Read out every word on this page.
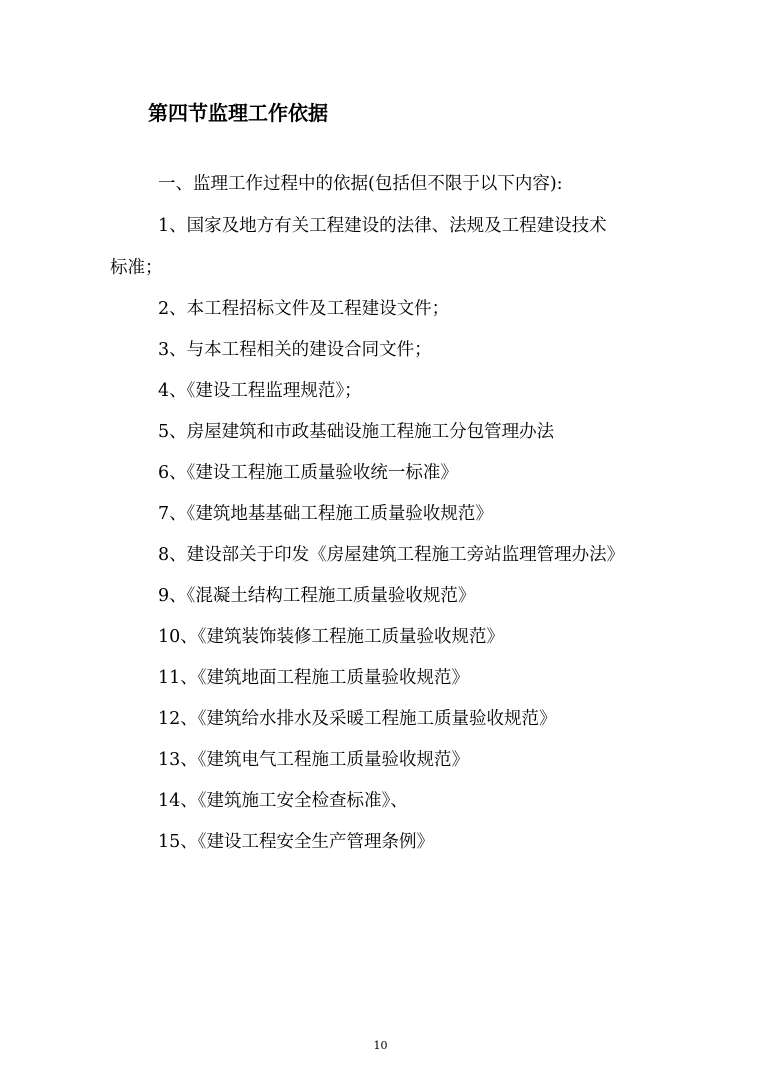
第四节监理工作依据

一、监理工作过程中的依据(包括但不限于以下内容):

1、国家及地方有关工程建设的法律、法规及工程建设技术

标准；

2、本工程招标文件及工程建设文件；

3、与本工程相关的建设合同文件；

4、《建设工程监理规范》；

5、房屋建筑和市政基础设施工程施工分包管理办法

6、《建设工程施工质量验收统一标准》

7、《建筑地基基础工程施工质量验收规范》

8、建设部关于印发《房屋建筑工程施工旁站监理管理办法》

9、《混凝土结构工程施工质量验收规范》

10、《建筑装饰装修工程施工质量验收规范》

11、《建筑地面工程施工质量验收规范》

12、《建筑给水排水及采暖工程施工质量验收规范》

13、《建筑电气工程施工质量验收规范》

14、《建筑施工安全检查标准》、

15、《建设工程安全生产管理条例》

10
